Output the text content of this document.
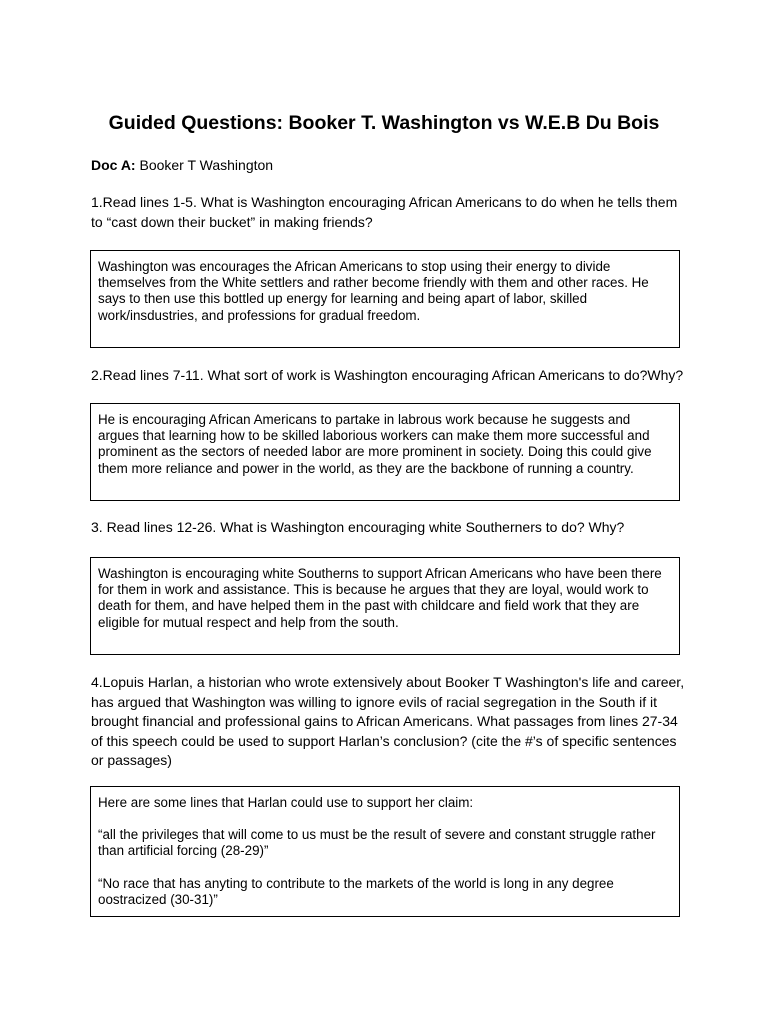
Guided Questions: Booker T. Washington vs W.E.B Du Bois
Doc A: Booker T Washington

1.Read lines 1-5. What is Washington encouraging African Americans to do when he tells them to “cast down their bucket” in making friends?

Washington was encourages the African Americans to stop using their energy to divide themselves from the White settlers and rather become friendly with them and other races. He says to then use this bottled up energy for learning and being apart of labor, skilled work/insdustries, and professions for gradual freedom.

2.Read lines 7-11. What sort of work is Washington encouraging African Americans to do?Why?

He is encouraging African Americans to partake in labrous work because he suggests and argues that learning how to be skilled laborious workers can make them more successful and prominent as the sectors of needed labor are more prominent in society. Doing this could give them more reliance and power in the world, as they are the backbone of running a country.

3. Read lines 12-26. What is Washington encouraging white Southerners to do? Why?

Washington is encouraging white Southerns to support African Americans who have been there for them in work and assistance. This is because he argues that they are loyal, would work to death for them, and have helped them in the past with childcare and field work that they are eligible for mutual respect and help from the south.

4.Lopuis Harlan, a historian who wrote extensively about Booker T Washington's life and career, has argued that Washington was willing to ignore evils of racial segregation in the South if it brought financial and professional gains to African Americans. What passages from lines 27-34 of this speech could be used to support Harlan’s conclusion? (cite the #’s of specific sentences or passages)

Here are some lines that Harlan could use to support her claim:

“all the privileges that will come to us must be the result of severe and constant struggle rather than artificial forcing (28-29)”

“No race that has anyting to contribute to the markets of the world is long in any degree oostracized (30-31)”
